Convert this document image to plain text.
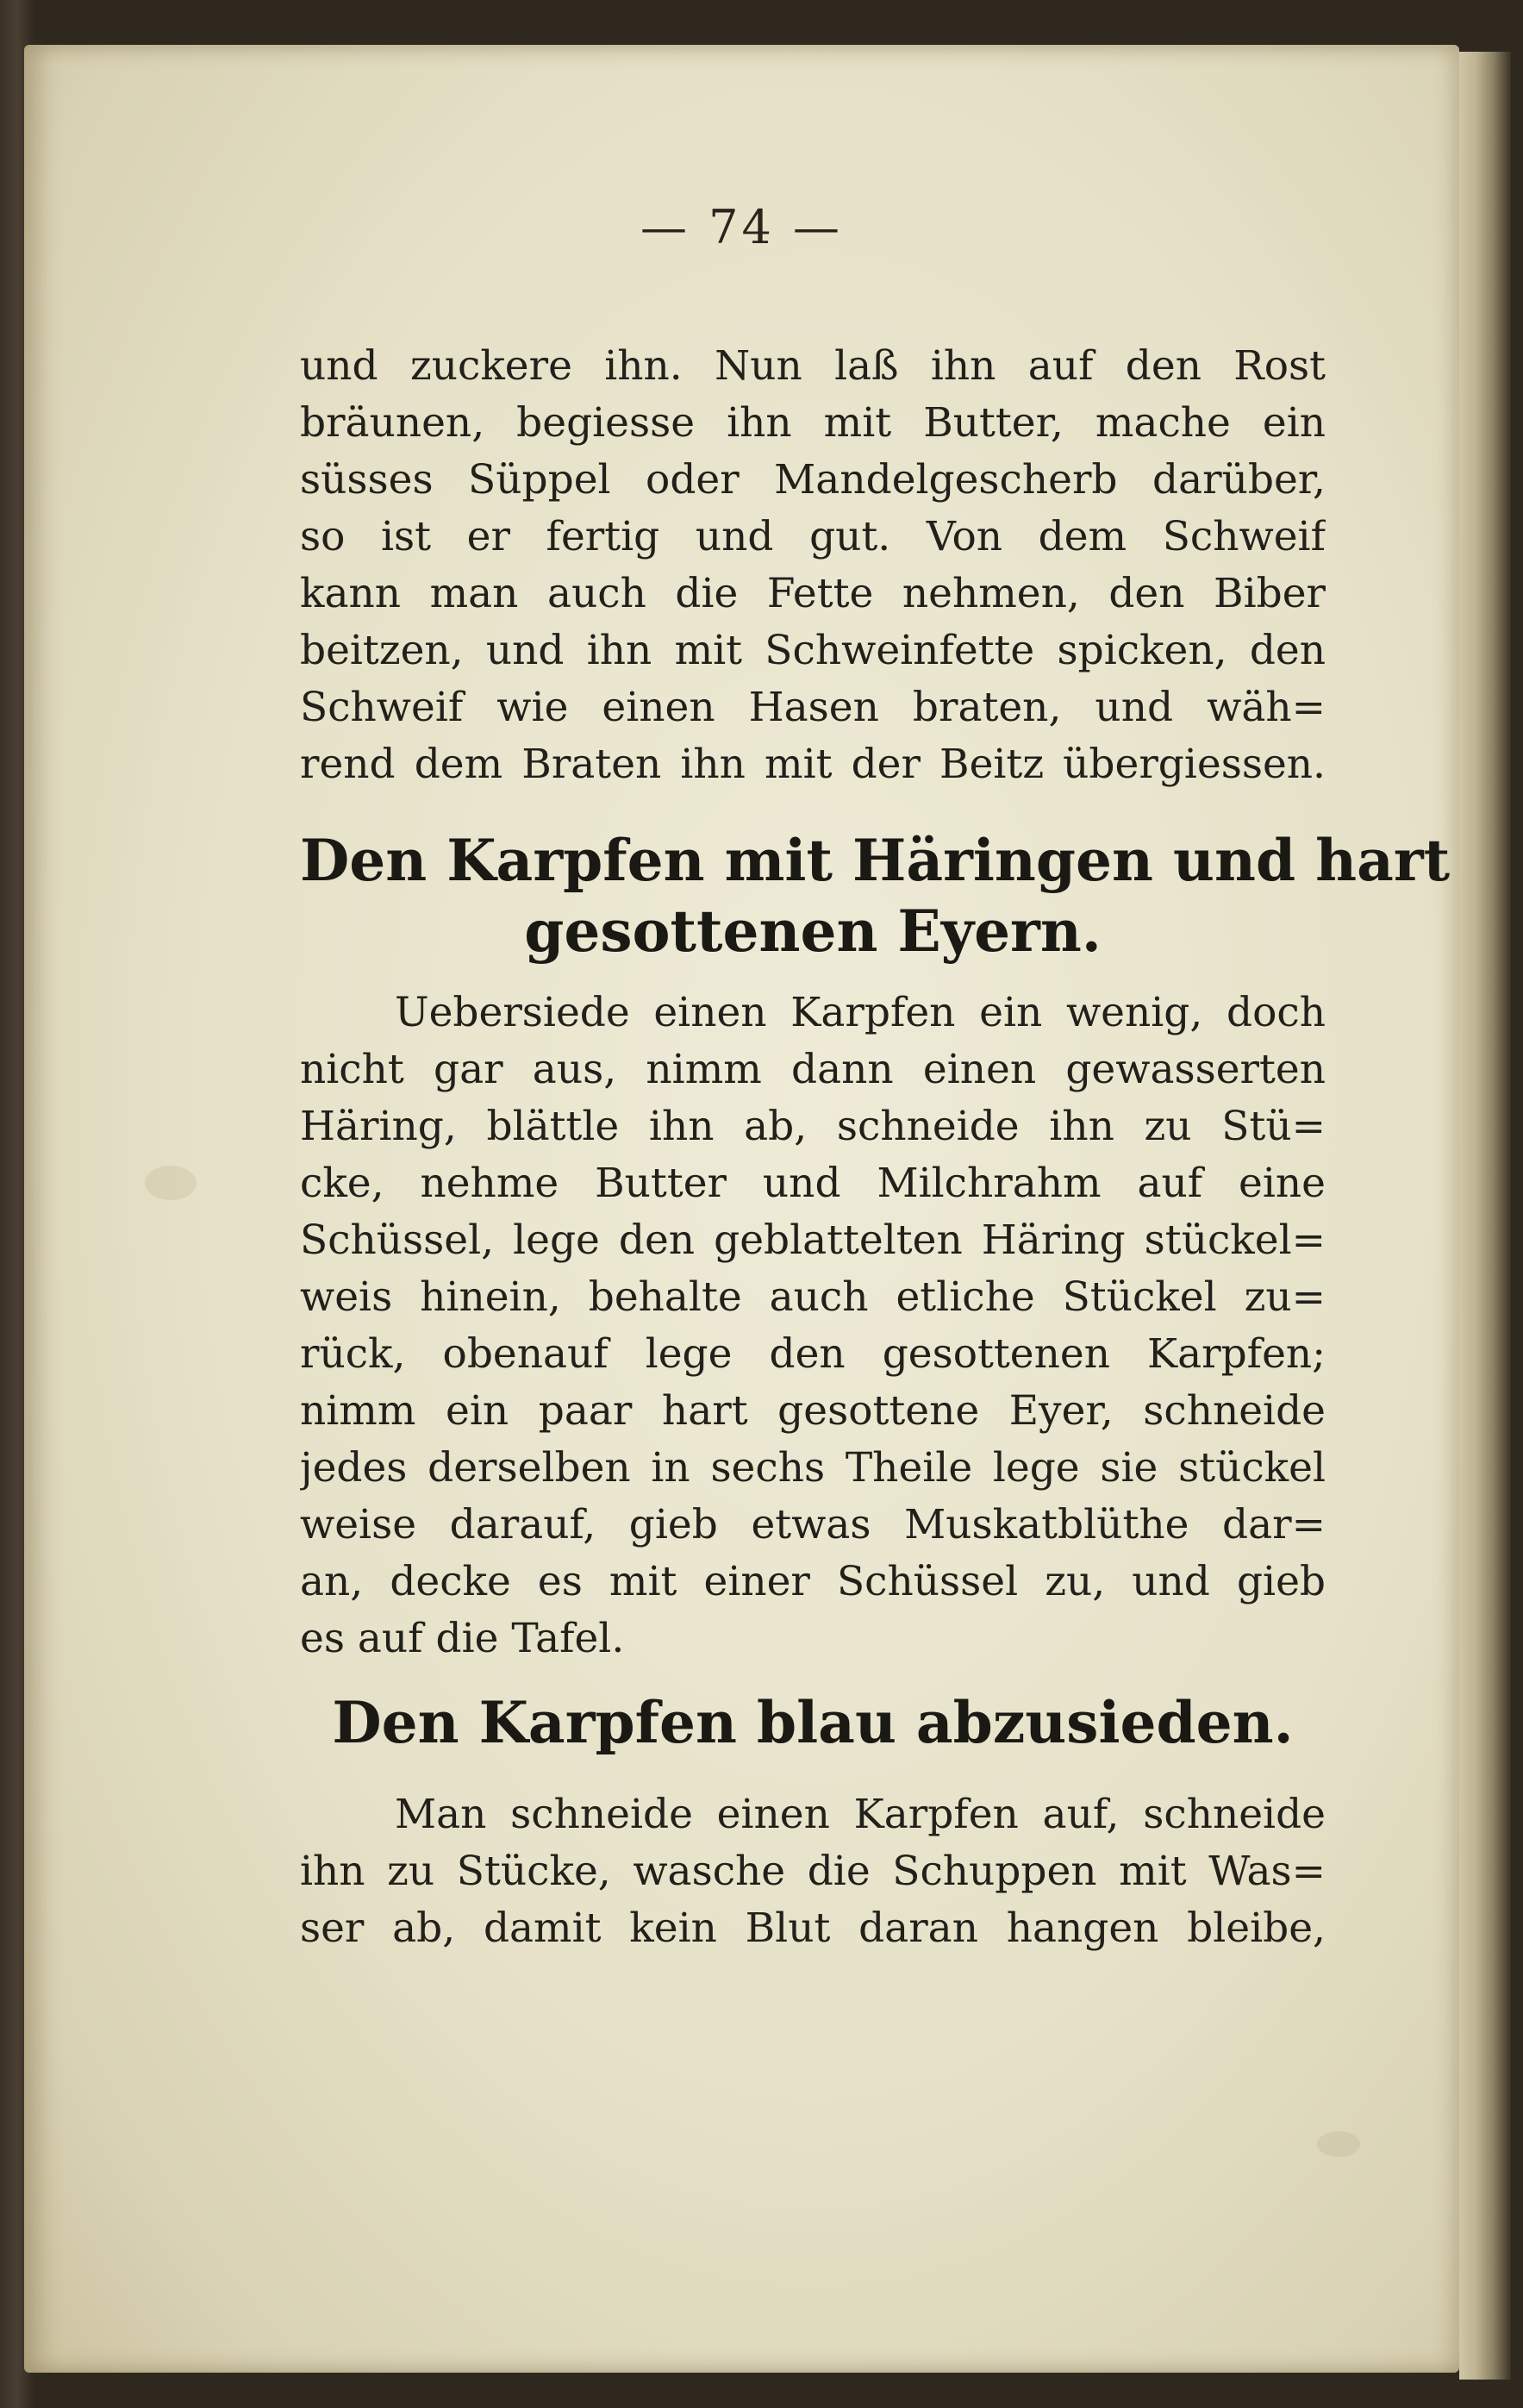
— 74 —
und zuckere ihn. Nun laß ihn auf den Rost
bräunen, begiesse ihn mit Butter, mache ein
süsses Süppel oder Mandelgescherb darüber,
so ist er fertig und gut. Von dem Schweif
kann man auch die Fette nehmen, den Biber
beitzen, und ihn mit Schweinfette spicken, den
Schweif wie einen Hasen braten, und wäh=
rend dem Braten ihn mit der Beitz übergiessen.
Den Karpfen mit Häringen und hart
gesottenen Eyern.
Uebersiede einen Karpfen ein wenig, doch
nicht gar aus, nimm dann einen gewasserten
Häring, blättle ihn ab, schneide ihn zu Stü=
cke, nehme Butter und Milchrahm auf eine
Schüssel, lege den geblattelten Häring stückel=
weis hinein, behalte auch etliche Stückel zu=
rück, obenauf lege den gesottenen Karpfen;
nimm ein paar hart gesottene Eyer, schneide
jedes derselben in sechs Theile lege sie stückel
weise darauf, gieb etwas Muskatblüthe dar=
an, decke es mit einer Schüssel zu, und gieb
es auf die Tafel.
Den Karpfen blau abzusieden.
Man schneide einen Karpfen auf, schneide
ihn zu Stücke, wasche die Schuppen mit Was=
ser ab, damit kein Blut daran hangen bleibe,
